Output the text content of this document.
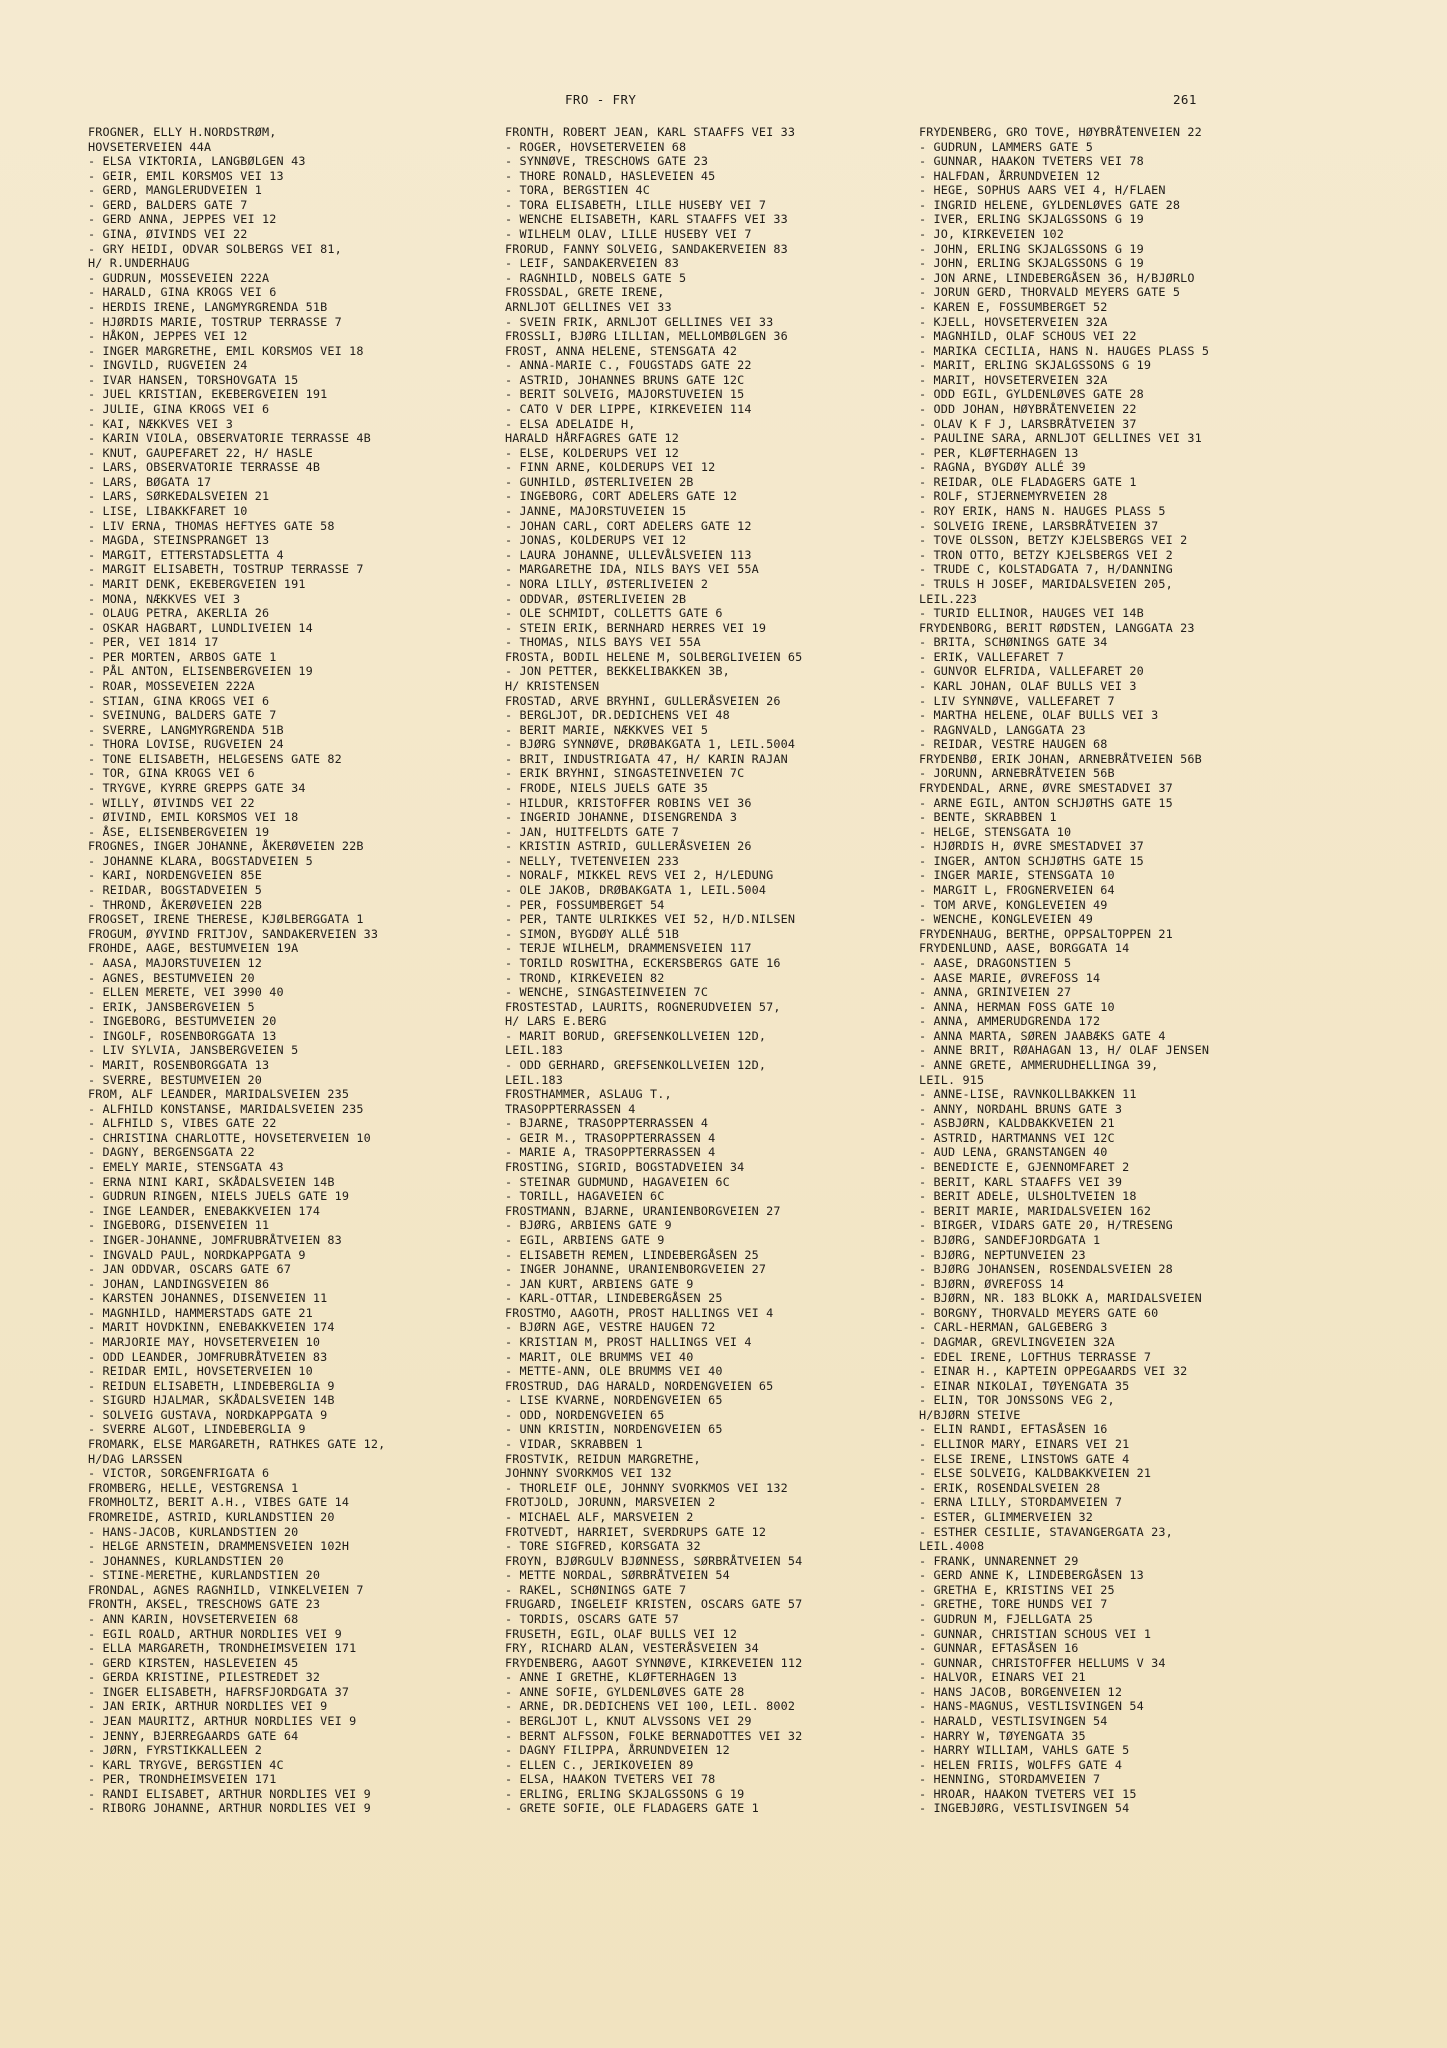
FRO - FRY	261
FROGNER, ELLY H.NORDSTRØM,
HOVSETERVEIEN 44A
- ELSA VIKTORIA, LANGBØLGEN 43
- GEIR, EMIL KORSMOS VEI 13
- GERD, MANGLERUDVEIEN 1
- GERD, BALDERS GATE 7
- GERD ANNA, JEPPES VEI 12
- GINA, ØIVINDS VEI 22
- GRY HEIDI, ODVAR SOLBERGS VEI 81,
H/ R.UNDERHAUG
- GUDRUN, MOSSEVEIEN 222A
- HARALD, GINA KROGS VEI 6
- HERDIS IRENE, LANGMYRGRENDA 51B
- HJØRDIS MARIE, TOSTRUP TERRASSE 7
- HÅKON, JEPPES VEI 12
- INGER MARGRETHE, EMIL KORSMOS VEI 18
- INGVILD, RUGVEIEN 24
- IVAR HANSEN, TORSHOVGATA 15
- JUEL KRISTIAN, EKEBERGVEIEN 191
- JULIE, GINA KROGS VEI 6
- KAI, NÆKKVES VEI 3
- KARIN VIOLA, OBSERVATORIE TERRASSE 4B
- KNUT, GAUPEFARET 22, H/ HASLE
- LARS, OBSERVATORIE TERRASSE 4B
- LARS, BØGATA 17
- LARS, SØRKEDALSVEIEN 21
- LISE, LIBAKKFARET 10
- LIV ERNA, THOMAS HEFTYES GATE 58
- MAGDA, STEINSPRANGET 13
- MARGIT, ETTERSTADSLETTA 4
- MARGIT ELISABETH, TOSTRUP TERRASSE 7
- MARIT DENK, EKEBERGVEIEN 191
- MONA, NÆKKVES VEI 3
- OLAUG PETRA, AKERLIA 26
- OSKAR HAGBART, LUNDLIVEIEN 14
- PER, VEI 1814 17
- PER MORTEN, ARBOS GATE 1
- PÅL ANTON, ELISENBERGVEIEN 19
- ROAR, MOSSEVEIEN 222A
- STIAN, GINA KROGS VEI 6
- SVEINUNG, BALDERS GATE 7
- SVERRE, LANGMYRGRENDA 51B
- THORA LOVISE, RUGVEIEN 24
- TONE ELISABETH, HELGESENS GATE 82
- TOR, GINA KROGS VEI 6
- TRYGVE, KYRRE GREPPS GATE 34
- WILLY, ØIVINDS VEI 22
- ØIVIND, EMIL KORSMOS VEI 18
- ÅSE, ELISENBERGVEIEN 19
FROGNES, INGER JOHANNE, ÅKERØVEIEN 22B
- JOHANNE KLARA, BOGSTADVEIEN 5
- KARI, NORDENGVEIEN 85E
- REIDAR, BOGSTADVEIEN 5
- THROND, ÅKERØVEIEN 22B
FROGSET, IRENE THERESE, KJØLBERGGATA 1
FROGUM, ØYVIND FRITJOV, SANDAKERVEIEN 33
FROHDE, AAGE, BESTUMVEIEN 19A
- AASA, MAJORSTUVEIEN 12
- AGNES, BESTUMVEIEN 20
- ELLEN MERETE, VEI 3990 40
- ERIK, JANSBERGVEIEN 5
- INGEBORG, BESTUMVEIEN 20
- INGOLF, ROSENBORGGATA 13
- LIV SYLVIA, JANSBERGVEIEN 5
- MARIT, ROSENBORGGATA 13
- SVERRE, BESTUMVEIEN 20
FROM, ALF LEANDER, MARIDALSVEIEN 235
- ALFHILD KONSTANSE, MARIDALSVEIEN 235
- ALFHILD S, VIBES GATE 22
- CHRISTINA CHARLOTTE, HOVSETERVEIEN 10
- DAGNY, BERGENSGATA 22
- EMELY MARIE, STENSGATA 43
- ERNA NINI KARI, SKÅDALSVEIEN 14B
- GUDRUN RINGEN, NIELS JUELS GATE 19
- INGE LEANDER, ENEBAKKVEIEN 174
- INGEBORG, DISENVEIEN 11
- INGER-JOHANNE, JOMFRUBRÅTVEIEN 83
- INGVALD PAUL, NORDKAPPGATA 9
- JAN ODDVAR, OSCARS GATE 67
- JOHAN, LANDINGSVEIEN 86
- KARSTEN JOHANNES, DISENVEIEN 11
- MAGNHILD, HAMMERSTADS GATE 21
- MARIT HOVDKINN, ENEBAKKVEIEN 174
- MARJORIE MAY, HOVSETERVEIEN 10
- ODD LEANDER, JOMFRUBRÅTVEIEN 83
- REIDAR EMIL, HOVSETERVEIEN 10
- REIDUN ELISABETH, LINDEBERGLIA 9
- SIGURD HJALMAR, SKÅDALSVEIEN 14B
- SOLVEIG GUSTAVA, NORDKAPPGATA 9
- SVERRE ALGOT, LINDEBERGLIA 9
FROMARK, ELSE MARGARETH, RATHKES GATE 12,
H/DAG LARSSEN
- VICTOR, SORGENFRIGATA 6
FROMBERG, HELLE, VESTGRENSA 1
FROMHOLTZ, BERIT A.H., VIBES GATE 14
FROMREIDE, ASTRID, KURLANDSTIEN 20
- HANS-JACOB, KURLANDSTIEN 20
- HELGE ARNSTEIN, DRAMMENSVEIEN 102H
- JOHANNES, KURLANDSTIEN 20
- STINE-MERETHE, KURLANDSTIEN 20
FRONDAL, AGNES RAGNHILD, VINKELVEIEN 7
FRONTH, AKSEL, TRESCHOWS GATE 23
- ANN KARIN, HOVSETERVEIEN 68
- EGIL ROALD, ARTHUR NORDLIES VEI 9
- ELLA MARGARETH, TRONDHEIMSVEIEN 171
- GERD KIRSTEN, HASLEVEIEN 45
- GERDA KRISTINE, PILESTREDET 32
- INGER ELISABETH, HAFRSFJORDGATA 37
- JAN ERIK, ARTHUR NORDLIES VEI 9
- JEAN MAURITZ, ARTHUR NORDLIES VEI 9
- JENNY, BJERREGAARDS GATE 64
- JØRN, FYRSTIKKALLEEN 2
- KARL TRYGVE, BERGSTIEN 4C
- PER, TRONDHEIMSVEIEN 171
- RANDI ELISABET, ARTHUR NORDLIES VEI 9
- RIBORG JOHANNE, ARTHUR NORDLIES VEI 9
FRONTH, ROBERT JEAN, KARL STAAFFS VEI 33
- ROGER, HOVSETERVEIEN 68
- SYNNØVE, TRESCHOWS GATE 23
- THORE RONALD, HASLEVEIEN 45
- TORA, BERGSTIEN 4C
- TORA ELISABETH, LILLE HUSEBY VEI 7
- WENCHE ELISABETH, KARL STAAFFS VEI 33
- WILHELM OLAV, LILLE HUSEBY VEI 7
FRORUD, FANNY SOLVEIG, SANDAKERVEIEN 83
- LEIF, SANDAKERVEIEN 83
- RAGNHILD, NOBELS GATE 5
FROSSDAL, GRETE IRENE,
ARNLJOT GELLINES VEI 33
- SVEIN FRIK, ARNLJOT GELLINES VEI 33
FROSSLI, BJØRG LILLIAN, MELLOMBØLGEN 36
FROST, ANNA HELENE, STENSGATA 42
- ANNA-MARIE C., FOUGSTADS GATE 22
- ASTRID, JOHANNES BRUNS GATE 12C
- BERIT SOLVEIG, MAJORSTUVEIEN 15
- CATO V DER LIPPE, KIRKEVEIEN 114
- ELSA ADELAIDE H,
HARALD HÅRFAGRES GATE 12
- ELSE, KOLDERUPS VEI 12
- FINN ARNE, KOLDERUPS VEI 12
- GUNHILD, ØSTERLIVEIEN 2B
- INGEBORG, CORT ADELERS GATE 12
- JANNE, MAJORSTUVEIEN 15
- JOHAN CARL, CORT ADELERS GATE 12
- JONAS, KOLDERUPS VEI 12
- LAURA JOHANNE, ULLEVÅLSVEIEN 113
- MARGARETHE IDA, NILS BAYS VEI 55A
- NORA LILLY, ØSTERLIVEIEN 2
- ODDVAR, ØSTERLIVEIEN 2B
- OLE SCHMIDT, COLLETTS GATE 6
- STEIN ERIK, BERNHARD HERRES VEI 19
- THOMAS, NILS BAYS VEI 55A
FROSTA, BODIL HELENE M, SOLBERGLIVEIEN 65
- JON PETTER, BEKKELIBAKKEN 3B,
H/ KRISTENSEN
FROSTAD, ARVE BRYHNI, GULLERÅSVEIEN 26
- BERGLJOT, DR.DEDICHENS VEI 48
- BERIT MARIE, NÆKKVES VEI 5
- BJØRG SYNNØVE, DRØBAKGATA 1, LEIL.5004
- BRIT, INDUSTRIGATA 47, H/ KARIN RAJAN
- ERIK BRYHNI, SINGASTEINVEIEN 7C
- FRODE, NIELS JUELS GATE 35
- HILDUR, KRISTOFFER ROBINS VEI 36
- INGERID JOHANNE, DISENGRENDA 3
- JAN, HUITFELDTS GATE 7
- KRISTIN ASTRID, GULLERÅSVEIEN 26
- NELLY, TVETENVEIEN 233
- NORALF, MIKKEL REVS VEI 2, H/LEDUNG
- OLE JAKOB, DRØBAKGATA 1, LEIL.5004
- PER, FOSSUMBERGET 54
- PER, TANTE ULRIKKES VEI 52, H/D.NILSEN
- SIMON, BYGDØY ALLÉ 51B
- TERJE WILHELM, DRAMMENSVEIEN 117
- TORILD ROSWITHA, ECKERSBERGS GATE 16
- TROND, KIRKEVEIEN 82
- WENCHE, SINGASTEINVEIEN 7C
FROSTESTAD, LAURITS, ROGNERUDVEIEN 57,
H/ LARS E.BERG
- MARIT BORUD, GREFSENKOLLVEIEN 12D,
LEIL.183
- ODD GERHARD, GREFSENKOLLVEIEN 12D,
LEIL.183
FROSTHAMMER, ASLAUG T.,
TRASOPPTERRASSEN 4
- BJARNE, TRASOPPTERRASSEN 4
- GEIR M., TRASOPPTERRASSEN 4
- MARIE A, TRASOPPTERRASSEN 4
FROSTING, SIGRID, BOGSTADVEIEN 34
- STEINAR GUDMUND, HAGAVEIEN 6C
- TORILL, HAGAVEIEN 6C
FROSTMANN, BJARNE, URANIENBORGVEIEN 27
- BJØRG, ARBIENS GATE 9
- EGIL, ARBIENS GATE 9
- ELISABETH REMEN, LINDEBERGÅSEN 25
- INGER JOHANNE, URANIENBORGVEIEN 27
- JAN KURT, ARBIENS GATE 9
- KARL-OTTAR, LINDEBERGÅSEN 25
FROSTMO, AAGOTH, PROST HALLINGS VEI 4
- BJØRN AGE, VESTRE HAUGEN 72
- KRISTIAN M, PROST HALLINGS VEI 4
- MARIT, OLE BRUMMS VEI 40
- METTE-ANN, OLE BRUMMS VEI 40
FROSTRUD, DAG HARALD, NORDENGVEIEN 65
- LISE KVARNE, NORDENGVEIEN 65
- ODD, NORDENGVEIEN 65
- UNN KRISTIN, NORDENGVEIEN 65
- VIDAR, SKRABBEN 1
FROSTVIK, REIDUN MARGRETHE,
JOHNNY SVORKMOS VEI 132
- THORLEIF OLE, JOHNNY SVORKMOS VEI 132
FROTJOLD, JORUNN, MARSVEIEN 2
- MICHAEL ALF, MARSVEIEN 2
FROTVEDT, HARRIET, SVERDRUPS GATE 12
- TORE SIGFRED, KORSGATA 32
FROYN, BJØRGULV BJØNNESS, SØRBRÅTVEIEN 54
- METTE NORDAL, SØRBRÅTVEIEN 54
- RAKEL, SCHØNINGS GATE 7
FRUGARD, INGELEIF KRISTEN, OSCARS GATE 57
- TORDIS, OSCARS GATE 57
FRUSETH, EGIL, OLAF BULLS VEI 12
FRY, RICHARD ALAN, VESTERÅSVEIEN 34
FRYDENBERG, AAGOT SYNNØVE, KIRKEVEIEN 112
- ANNE I GRETHE, KLØFTERHAGEN 13
- ANNE SOFIE, GYLDENLØVES GATE 28
- ARNE, DR.DEDICHENS VEI 100, LEIL. 8002
- BERGLJOT L, KNUT ALVSSONS VEI 29
- BERNT ALFSSON, FOLKE BERNADOTTES VEI 32
- DAGNY FILIPPA, ÅRRUNDVEIEN 12
- ELLEN C., JERIKOVEIEN 89
- ELSA, HAAKON TVETERS VEI 78
- ERLING, ERLING SKJALGSSONS G 19
- GRETE SOFIE, OLE FLADAGERS GATE 1
FRYDENBERG, GRO TOVE, HØYBRÅTENVEIEN 22
- GUDRUN, LAMMERS GATE 5
- GUNNAR, HAAKON TVETERS VEI 78
- HALFDAN, ÅRRUNDVEIEN 12
- HEGE, SOPHUS AARS VEI 4, H/FLAEN
- INGRID HELENE, GYLDENLØVES GATE 28
- IVER, ERLING SKJALGSSONS G 19
- JO, KIRKEVEIEN 102
- JOHN, ERLING SKJALGSSONS G 19
- JOHN, ERLING SKJALGSSONS G 19
- JON ARNE, LINDEBERGÅSEN 36, H/BJØRLO
- JORUN GERD, THORVALD MEYERS GATE 5
- KAREN E, FOSSUMBERGET 52
- KJELL, HOVSETERVEIEN 32A
- MAGNHILD, OLAF SCHOUS VEI 22
- MARIKA CECILIA, HANS N. HAUGES PLASS 5
- MARIT, ERLING SKJALGSSONS G 19
- MARIT, HOVSETERVEIEN 32A
- ODD EGIL, GYLDENLØVES GATE 28
- ODD JOHAN, HØYBRÅTENVEIEN 22
- OLAV K F J, LARSBRÅTVEIEN 37
- PAULINE SARA, ARNLJOT GELLINES VEI 31
- PER, KLØFTERHAGEN 13
- RAGNA, BYGDØY ALLÉ 39
- REIDAR, OLE FLADAGERS GATE 1
- ROLF, STJERNEMYRVEIEN 28
- ROY ERIK, HANS N. HAUGES PLASS 5
- SOLVEIG IRENE, LARSBRÅTVEIEN 37
- TOVE OLSSON, BETZY KJELSBERGS VEI 2
- TRON OTTO, BETZY KJELSBERGS VEI 2
- TRUDE C, KOLSTADGATA 7, H/DANNING
- TRULS H JOSEF, MARIDALSVEIEN 205,
LEIL.223
- TURID ELLINOR, HAUGES VEI 14B
FRYDENBORG, BERIT RØDSTEN, LANGGATA 23
- BRITA, SCHØNINGS GATE 34
- ERIK, VALLEFARET 7
- GUNVOR ELFRIDA, VALLEFARET 20
- KARL JOHAN, OLAF BULLS VEI 3
- LIV SYNNØVE, VALLEFARET 7
- MARTHA HELENE, OLAF BULLS VEI 3
- RAGNVALD, LANGGATA 23
- REIDAR, VESTRE HAUGEN 68
FRYDENBØ, ERIK JOHAN, ARNEBRÅTVEIEN 56B
- JORUNN, ARNEBRÅTVEIEN 56B
FRYDENDAL, ARNE, ØVRE SMESTADVEI 37
- ARNE EGIL, ANTON SCHJØTHS GATE 15
- BENTE, SKRABBEN 1
- HELGE, STENSGATA 10
- HJØRDIS H, ØVRE SMESTADVEI 37
- INGER, ANTON SCHJØTHS GATE 15
- INGER MARIE, STENSGATA 10
- MARGIT L, FROGNERVEIEN 64
- TOM ARVE, KONGLEVEIEN 49
- WENCHE, KONGLEVEIEN 49
FRYDENHAUG, BERTHE, OPPSALTOPPEN 21
FRYDENLUND, AASE, BORGGATA 14
- AASE, DRAGONSTIEN 5
- AASE MARIE, ØVREFOSS 14
- ANNA, GRINIVEIEN 27
- ANNA, HERMAN FOSS GATE 10
- ANNA, AMMERUDGRENDA 172
- ANNA MARTA, SØREN JAABÆKS GATE 4
- ANNE BRIT, RØAHAGAN 13, H/ OLAF JENSEN
- ANNE GRETE, AMMERUDHELLINGA 39,
LEIL. 915
- ANNE-LISE, RAVNKOLLBAKKEN 11
- ANNY, NORDAHL BRUNS GATE 3
- ASBJØRN, KALDBAKKVEIEN 21
- ASTRID, HARTMANNS VEI 12C
- AUD LENA, GRANSTANGEN 40
- BENEDICTE E, GJENNOMFARET 2
- BERIT, KARL STAAFFS VEI 39
- BERIT ADELE, ULSHOLTVEIEN 18
- BERIT MARIE, MARIDALSVEIEN 162
- BIRGER, VIDARS GATE 20, H/TRESENG
- BJØRG, SANDEFJORDGATA 1
- BJØRG, NEPTUNVEIEN 23
- BJØRG JOHANSEN, ROSENDALSVEIEN 28
- BJØRN, ØVREFOSS 14
- BJØRN, NR. 183 BLOKK A, MARIDALSVEIEN
- BORGNY, THORVALD MEYERS GATE 60
- CARL-HERMAN, GALGEBERG 3
- DAGMAR, GREVLINGVEIEN 32A
- EDEL IRENE, LOFTHUS TERRASSE 7
- EINAR H., KAPTEIN OPPEGAARDS VEI 32
- EINAR NIKOLAI, TØYENGATA 35
- ELIN, TOR JONSSONS VEG 2,
H/BJØRN STEIVE
- ELIN RANDI, EFTASÅSEN 16
- ELLINOR MARY, EINARS VEI 21
- ELSE IRENE, LINSTOWS GATE 4
- ELSE SOLVEIG, KALDBAKKVEIEN 21
- ERIK, ROSENDALSVEIEN 28
- ERNA LILLY, STORDAMVEIEN 7
- ESTER, GLIMMERVEIEN 32
- ESTHER CESILIE, STAVANGERGATA 23,
LEIL.4008
- FRANK, UNNARENNET 29
- GERD ANNE K, LINDEBERGÅSEN 13
- GRETHA E, KRISTINS VEI 25
- GRETHE, TORE HUNDS VEI 7
- GUDRUN M, FJELLGATA 25
- GUNNAR, CHRISTIAN SCHOUS VEI 1
- GUNNAR, EFTASÅSEN 16
- GUNNAR, CHRISTOFFER HELLUMS V 34
- HALVOR, EINARS VEI 21
- HANS JACOB, BORGENVEIEN 12
- HANS-MAGNUS, VESTLISVINGEN 54
- HARALD, VESTLISVINGEN 54
- HARRY W, TØYENGATA 35
- HARRY WILLIAM, VAHLS GATE 5
- HELEN FRIIS, WOLFFS GATE 4
- HENNING, STORDAMVEIEN 7
- HROAR, HAAKON TVETERS VEI 15
- INGEBJØRG, VESTLISVINGEN 54
